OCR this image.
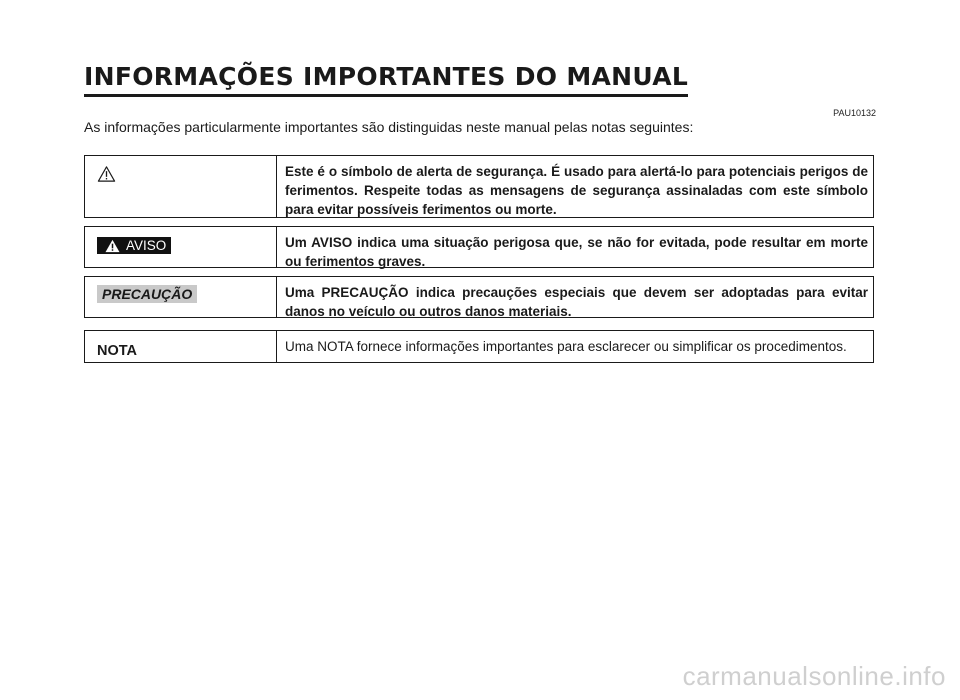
INFORMAÇÕES IMPORTANTES DO MANUAL
PAU10132

As informações particularmente importantes são distinguidas neste manual pelas notas seguintes:

Este é o símbolo de alerta de segurança. É usado para alertá-lo para potenciais perigos de ferimentos. Respeite todas as mensagens de segurança assinaladas com este símbolo para evitar possíveis ferimentos ou morte.
AVISO	Um AVISO indica uma situação perigosa que, se não for evitada, pode resultar em morte ou ferimentos graves.
PRECAUÇÃO	Uma PRECAUÇÃO indica precauções especiais que devem ser adoptadas para evitar danos no veículo ou outros danos materiais.
NOTA	Uma NOTA fornece informações importantes para esclarecer ou simplificar os procedimentos.
carmanualsonline.info
